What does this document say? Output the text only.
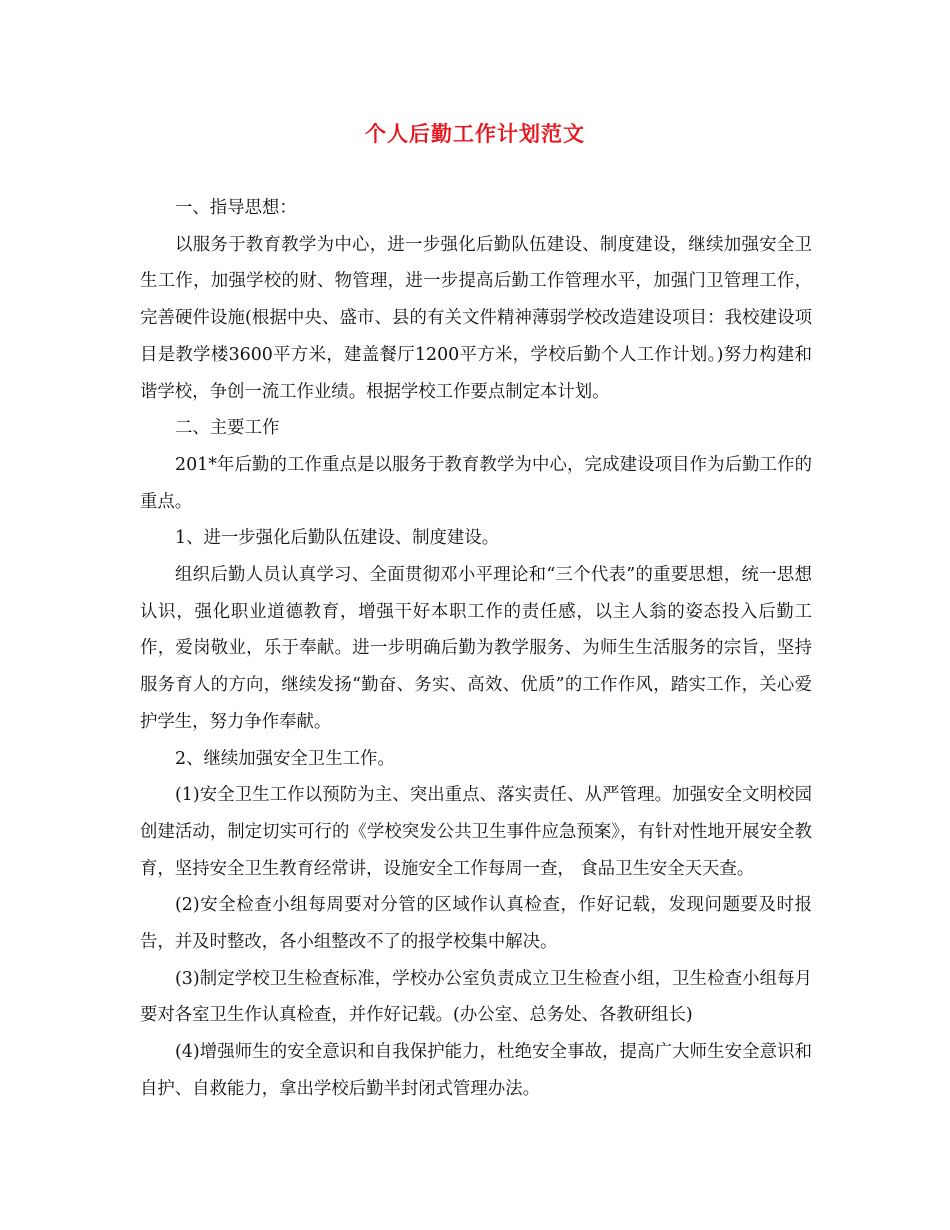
个人后勤工作计划范文

一、指导思想：

以服务于教育教学为中心，进一步强化后勤队伍建设、制度建设，继续加强安全卫生工作，加强学校的财、物管理，进一步提高后勤工作管理水平，加强门卫管理工作，完善硬件设施(根据中央、盛市、县的有关文件精神薄弱学校改造建设项目：我校建设项目是教学楼3600平方米，建盖餐厅1200平方米，学校后勤个人工作计划。)努力构建和谐学校，争创一流工作业绩。根据学校工作要点制定本计划。

二、主要工作

201*年后勤的工作重点是以服务于教育教学为中心，完成建设项目作为后勤工作的重点。

1、进一步强化后勤队伍建设、制度建设。

组织后勤人员认真学习、全面贯彻邓小平理论和“三个代表”的重要思想，统一思想认识，强化职业道德教育，增强干好本职工作的责任感，以主人翁的姿态投入后勤工作，爱岗敬业，乐于奉献。进一步明确后勤为教学服务、为师生生活服务的宗旨，坚持服务育人的方向，继续发扬“勤奋、务实、高效、优质”的工作作风，踏实工作，关心爱护学生，努力争作奉献。

2、继续加强安全卫生工作。

(1)安全卫生工作以预防为主、突出重点、落实责任、从严管理。加强安全文明校园创建活动，制定切实可行的《学校突发公共卫生事件应急预案》，有针对性地开展安全教育，坚持安全卫生教育经常讲，设施安全工作每周一查， 食品卫生安全天天查。

(2)安全检查小组每周要对分管的区域作认真检查，作好记载，发现问题要及时报告，并及时整改，各小组整改不了的报学校集中解决。

(3)制定学校卫生检查标准，学校办公室负责成立卫生检查小组，卫生检查小组每月要对各室卫生作认真检查，并作好记载。(办公室、总务处、各教研组长)

(4)增强师生的安全意识和自我保护能力，杜绝安全事故，提高广大师生安全意识和自护、自救能力，拿出学校后勤半封闭式管理办法。
